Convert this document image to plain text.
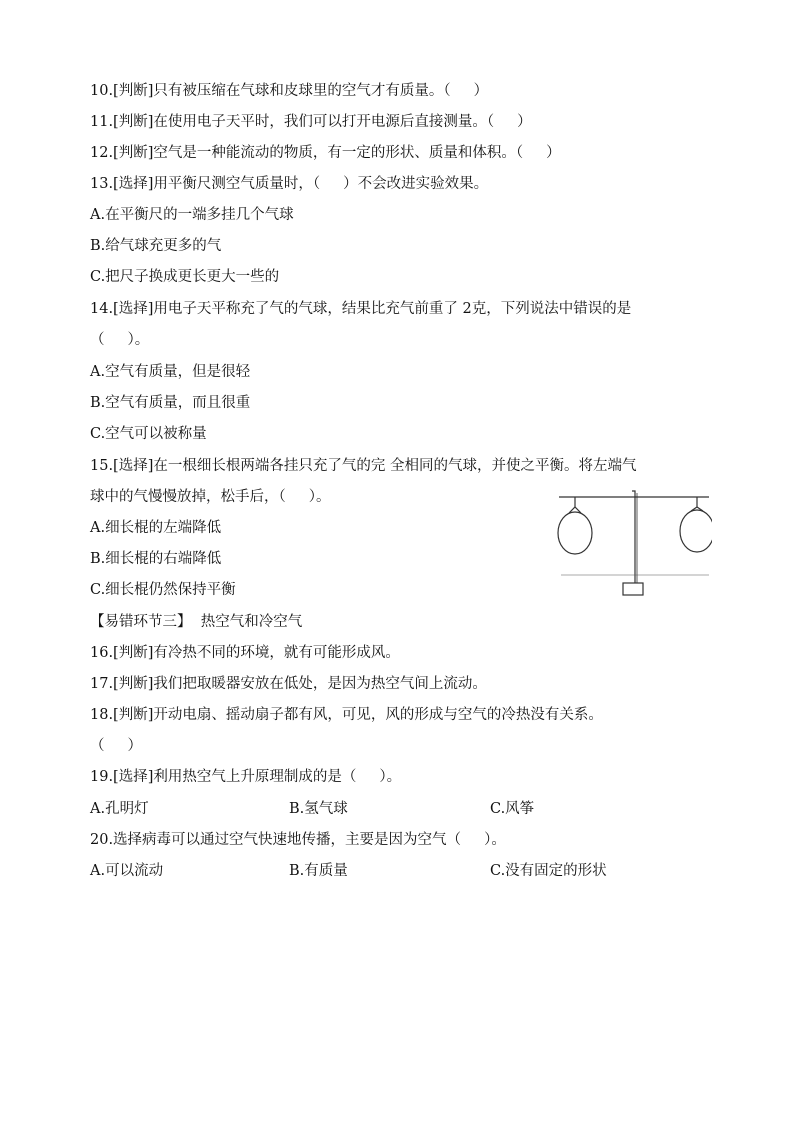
10.[判断]只有被压缩在气球和皮球里的空气才有质量。（     ）
11.[判断]在使用电子天平时，我们可以打开电源后直接测量。（     ）
12.[判断]空气是一种能流动的物质，有一定的形状、质量和体积。（     ）
13.[选择]用平衡尺测空气质量时，（     ）不会改进实验效果。
A.在平衡尺的一端多挂几个气球
B.给气球充更多的气
C.把尺子换成更长更大一些的
14.[选择]用电子天平称充了气的气球，结果比充气前重了 2克，下列说法中错误的是
（     ）。
A.空气有质量，但是很轻
B.空气有质量，而且很重
C.空气可以被称量
15.[选择]在一根细长根两端各挂只充了气的完 全相同的气球，并使之平衡。将左端气
球中的气慢慢放掉，松手后，（     ）。
A.细长棍的左端降低
B.细长棍的右端降低
C.细长棍仍然保持平衡
【易错环节三】  热空气和冷空气
16.[判断]有冷热不同的环境，就有可能形成风。
17.[判断]我们把取暖器安放在低处，是因为热空气间上流动。
18.[判断]开动电扇、摇动扇子都有风，可见，风的形成与空气的冷热没有关系。
（     ）
19.[选择]利用热空气上升原理制成的是（     ）。
A.孔明灯	B.氢气球	C.风筝
20.选择病毒可以通过空气快速地传播，主要是因为空气（     ）。
A.可以流动	B.有质量	C.没有固定的形状
